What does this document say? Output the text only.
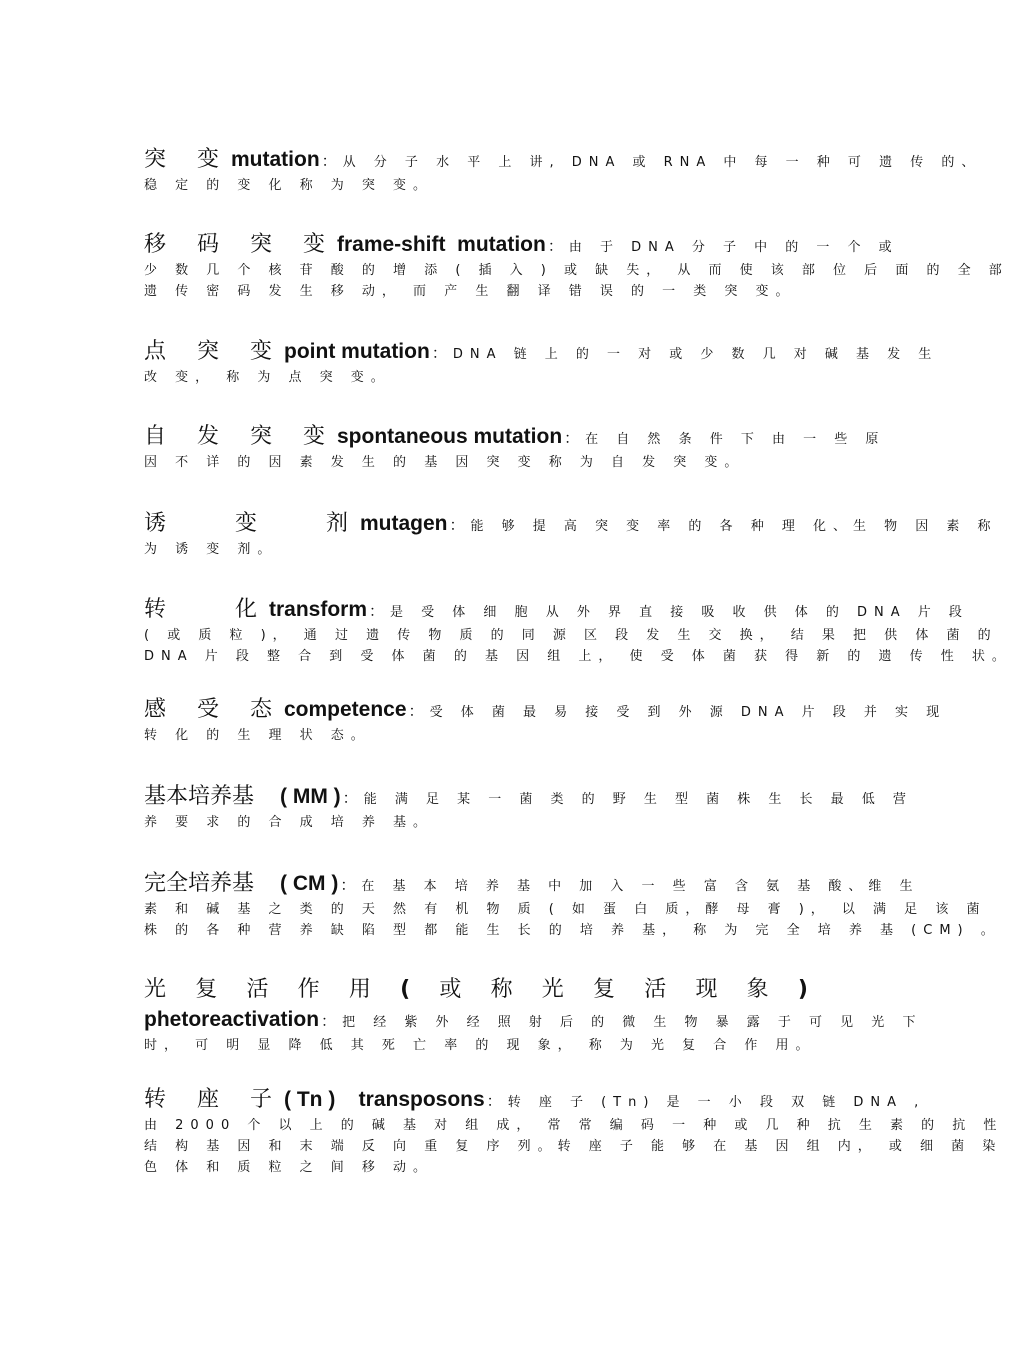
突 变mutation ：从 分 子 水 平 上 讲, DNA 或 RNA 中 每 一 种 可 遗 传 的、
稳 定 的 变 化 称 为 突 变。
移 码 突 变frame-shift  mutation ：由 于 DNA 分 子 中 的 一 个 或
少 数 几 个 核 苷 酸 的 增 添 ( 插 入 ) 或 缺 失， 从 而 使 该 部 位 后 面 的 全 部
遗 传 密 码 发 生 移 动， 而 产 生 翻 译 错 误 的 一 类 突 变。
点 突 变point mutation ：DNA 链 上 的 一 对 或 少 数 几 对 碱 基 发 生
改 变， 称 为 点 突 变。
自 发 突 变spontaneous mutation ：在 自 然 条 件 下 由 一 些 原
因 不 详 的 因 素 发 生 的 基 因 突 变 称 为 自 发 突 变。
诱   变   剂mutagen ：能 够 提 高 突 变 率 的 各 种 理 化、生 物 因 素 称
为 诱 变 剂。
转   化transform ：是 受 体 细 胞 从 外 界 直 接 吸 收 供 体 的 DNA 片 段
( 或 质 粒 )， 通 过 遗 传 物 质 的 同 源 区 段 发 生 交 换， 结 果 把 供 体 菌 的
DNA 片 段 整 合 到 受 体 菌 的 基 因 组 上， 使 受 体 菌 获 得 新 的 遗 传 性 状。
感 受 态competence ：受 体 菌 最 易 接 受 到 外 源 DNA 片 段 并 实 现
转 化 的 生 理 状 态。
基本培养基 ( MM ) ：能 满 足 某 一 菌 类 的 野 生 型 菌 株 生 长 最 低 营
养 要 求 的 合 成 培 养 基。
完全培养基 ( CM ) ：在 基 本 培 养 基 中 加 入 一 些 富 含 氨 基 酸、维 生
素 和 碱 基 之 类 的 天 然 有 机 物 质 ( 如 蛋 白 质，酵 母 膏 )， 以 满 足 该 菌
株 的 各 种 营 养 缺 陷 型 都 能 生 长 的 培 养 基， 称 为 完 全 培 养 基 (CM) 。
光 复 活 作 用 ( 或 称 光 复 活 现 象 )
phetoreactivation ：把 经 紫 外 经 照 射 后 的 微 生 物 暴 露 于 可 见 光 下
时， 可 明 显 降 低 其 死 亡 率 的 现 象， 称 为 光 复 合 作 用。
转 座 子( Tn )    transposons ：转 座 子 (Tn) 是 一 小 段 双 链 DNA ,
由 2000 个 以 上 的 碱 基 对 组 成， 常 常 编 码 一 种 或 几 种 抗 生 素 的 抗 性
结 构 基 因 和 末 端 反 向 重 复 序 列。转 座 子 能 够 在 基 因 组 内， 或 细 菌 染
色 体 和 质 粒 之 间 移 动。
